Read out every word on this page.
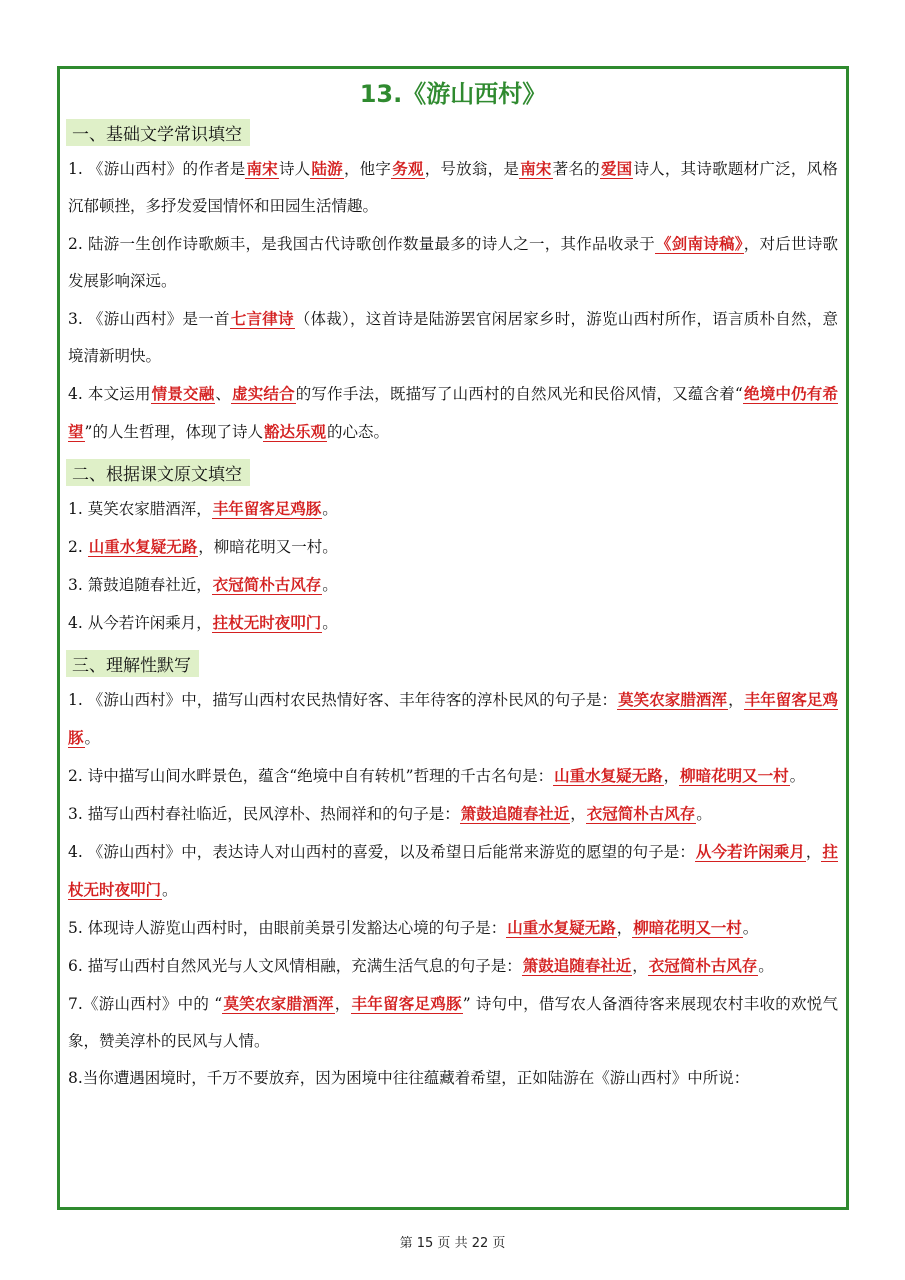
13.《游山西村》
一、基础文学常识填空

1. 《游山西村》的作者是南宋诗人陆游，他字务观，号放翁，是南宋著名的爱国诗人，其诗歌题材广泛，风格沉郁顿挫，多抒发爱国情怀和田园生活情趣。

2. 陆游一生创作诗歌颇丰，是我国古代诗歌创作数量最多的诗人之一，其作品收录于《剑南诗稿》，对后世诗歌发展影响深远。

3. 《游山西村》是一首七言律诗（体裁），这首诗是陆游罢官闲居家乡时，游览山西村所作，语言质朴自然，意境清新明快。

4. 本文运用情景交融、虚实结合的写作手法，既描写了山西村的自然风光和民俗风情，又蕴含着“绝境中仍有希望”的人生哲理，体现了诗人豁达乐观的心态。

二、根据课文原文填空

1. 莫笑农家腊酒浑，丰年留客足鸡豚。

2. 山重水复疑无路，柳暗花明又一村。

3. 箫鼓追随春社近，衣冠简朴古风存。

4. 从今若许闲乘月，拄杖无时夜叩门。

三、理解性默写

1. 《游山西村》中，描写山西村农民热情好客、丰年待客的淳朴民风的句子是：莫笑农家腊酒浑，丰年留客足鸡豚。

2. 诗中描写山间水畔景色，蕴含“绝境中自有转机”哲理的千古名句是：山重水复疑无路，柳暗花明又一村。

3. 描写山西村春社临近，民风淳朴、热闹祥和的句子是：箫鼓追随春社近，衣冠简朴古风存。

4. 《游山西村》中，表达诗人对山西村的喜爱，以及希望日后能常来游览的愿望的句子是：从今若许闲乘月，拄杖无时夜叩门。

5. 体现诗人游览山西村时，由眼前美景引发豁达心境的句子是：山重水复疑无路，柳暗花明又一村。

6. 描写山西村自然风光与人文风情相融，充满生活气息的句子是：箫鼓追随春社近，衣冠简朴古风存。

7.《游山西村》中的 “莫笑农家腊酒浑，丰年留客足鸡豚” 诗句中，借写农人备酒待客来展现农村丰收的欢悦气象，赞美淳朴的民风与人情。

8.当你遭遇困境时，千万不要放弃，因为困境中往往蕴藏着希望，正如陆游在《游山西村》中所说：

第 15 页 共 22 页
